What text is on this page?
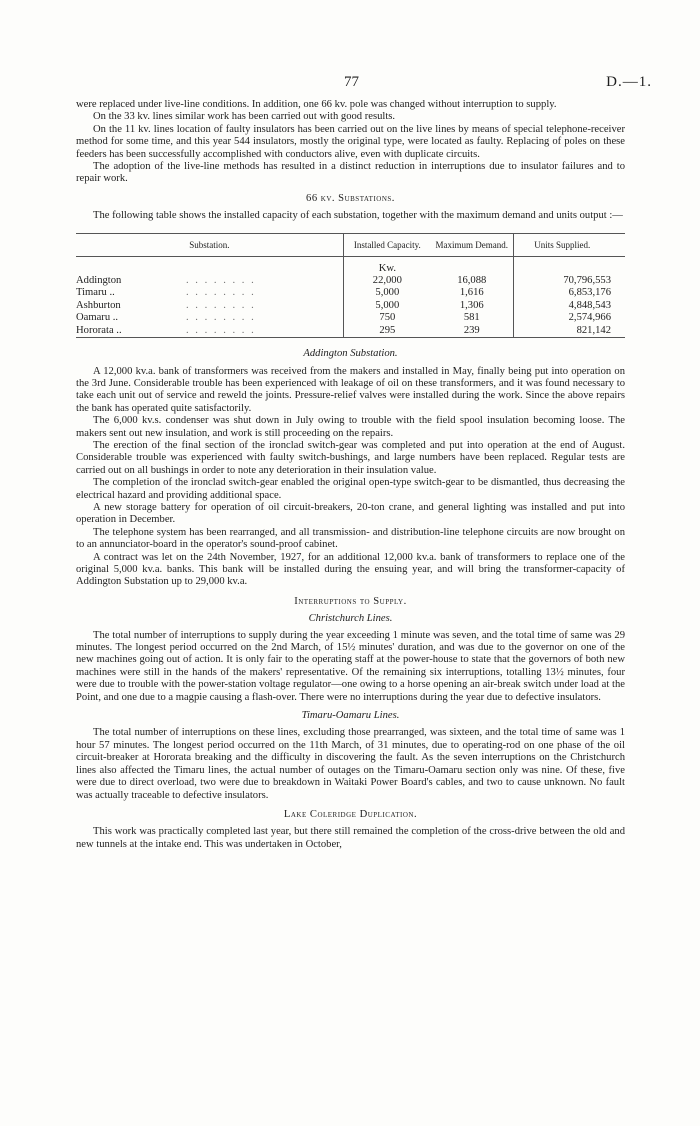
77	D.—1.

were replaced under live-line conditions. In addition, one 66 kv. pole was changed without interruption to supply.

On the 33 kv. lines similar work has been carried out with good results.

On the 11 kv. lines location of faulty insulators has been carried out on the live lines by means of special telephone-receiver method for some time, and this year 544 insulators, mostly the original type, were located as faulty. Replacing of poles on these feeders has been successfully accomplished with conductors alive, even with duplicate circuits.

The adoption of the live-line methods has resulted in a distinct reduction in interruptions due to insulator failures and to repair work.

66 kv. Substations.

The following table shows the installed capacity of each substation, together with the maximum demand and units output :—

Substation.	Installed Capacity.	Maximum Demand.	Units Supplied.
	Kw.		
Addington . . . . . . . .	22,000	16,088	70,796,553
Timaru .. . . . . . . . .	5,000	1,616	6,853,176
Ashburton . . . . . . . .	5,000	1,306	4,848,543
Oamaru .. . . . . . . . .	750	581	2,574,966
Hororata .. . . . . . . . .	295	239	821,142
Addington Substation.

A 12,000 kv.a. bank of transformers was received from the makers and installed in May, finally being put into operation on the 3rd June. Considerable trouble has been experienced with leakage of oil on these transformers, and it was found necessary to take each unit out of service and reweld the joints. Pressure-relief valves were installed during the work. Since the above repairs the bank has operated quite satisfactorily.

The 6,000 kv.s. condenser was shut down in July owing to trouble with the field spool insulation becoming loose. The makers sent out new insulation, and work is still proceeding on the repairs.

The erection of the final section of the ironclad switch-gear was completed and put into operation at the end of August. Considerable trouble was experienced with faulty switch-bushings, and large numbers have been replaced. Regular tests are carried out on all bushings in order to note any deterioration in their insulation value.

The completion of the ironclad switch-gear enabled the original open-type switch-gear to be dismantled, thus decreasing the electrical hazard and providing additional space.

A new storage battery for operation of oil circuit-breakers, 20-ton crane, and general lighting was installed and put into operation in December.

The telephone system has been rearranged, and all transmission- and distribution-line telephone circuits are now brought on to an annunciator-board in the operator's sound-proof cabinet.

A contract was let on the 24th November, 1927, for an additional 12,000 kv.a. bank of transformers to replace one of the original 5,000 kv.a. banks. This bank will be installed during the ensuing year, and will bring the transformer-capacity of Addington Substation up to 29,000 kv.a.

Interruptions to Supply.
Christchurch Lines.

The total number of interruptions to supply during the year exceeding 1 minute was seven, and the total time of same was 29 minutes. The longest period occurred on the 2nd March, of 15½ minutes' duration, and was due to the governor on one of the new machines going out of action. It is only fair to the operating staff at the power-house to state that the governors of both new machines were still in the hands of the makers' representative. Of the remaining six interruptions, totalling 13½ minutes, four were due to trouble with the power-station voltage regulator—one owing to a horse opening an air-break switch under load at the Point, and one due to a magpie causing a flash-over. There were no interruptions during the year due to defective insulators.

Timaru-Oamaru Lines.

The total number of interruptions on these lines, excluding those prearranged, was sixteen, and the total time of same was 1 hour 57 minutes. The longest period occurred on the 11th March, of 31 minutes, due to operating-rod on one phase of the oil circuit-breaker at Hororata breaking and the difficulty in discovering the fault. As the seven interruptions on the Christchurch lines also affected the Timaru lines, the actual number of outages on the Timaru-Oamaru section only was nine. Of these, five were due to direct overload, two were due to breakdown in Waitaki Power Board's cables, and two to cause unknown. No fault was actually traceable to defective insulators.

Lake Coleridge Duplication.

This work was practically completed last year, but there still remained the completion of the cross-drive between the old and new tunnels at the intake end. This was undertaken in October,
